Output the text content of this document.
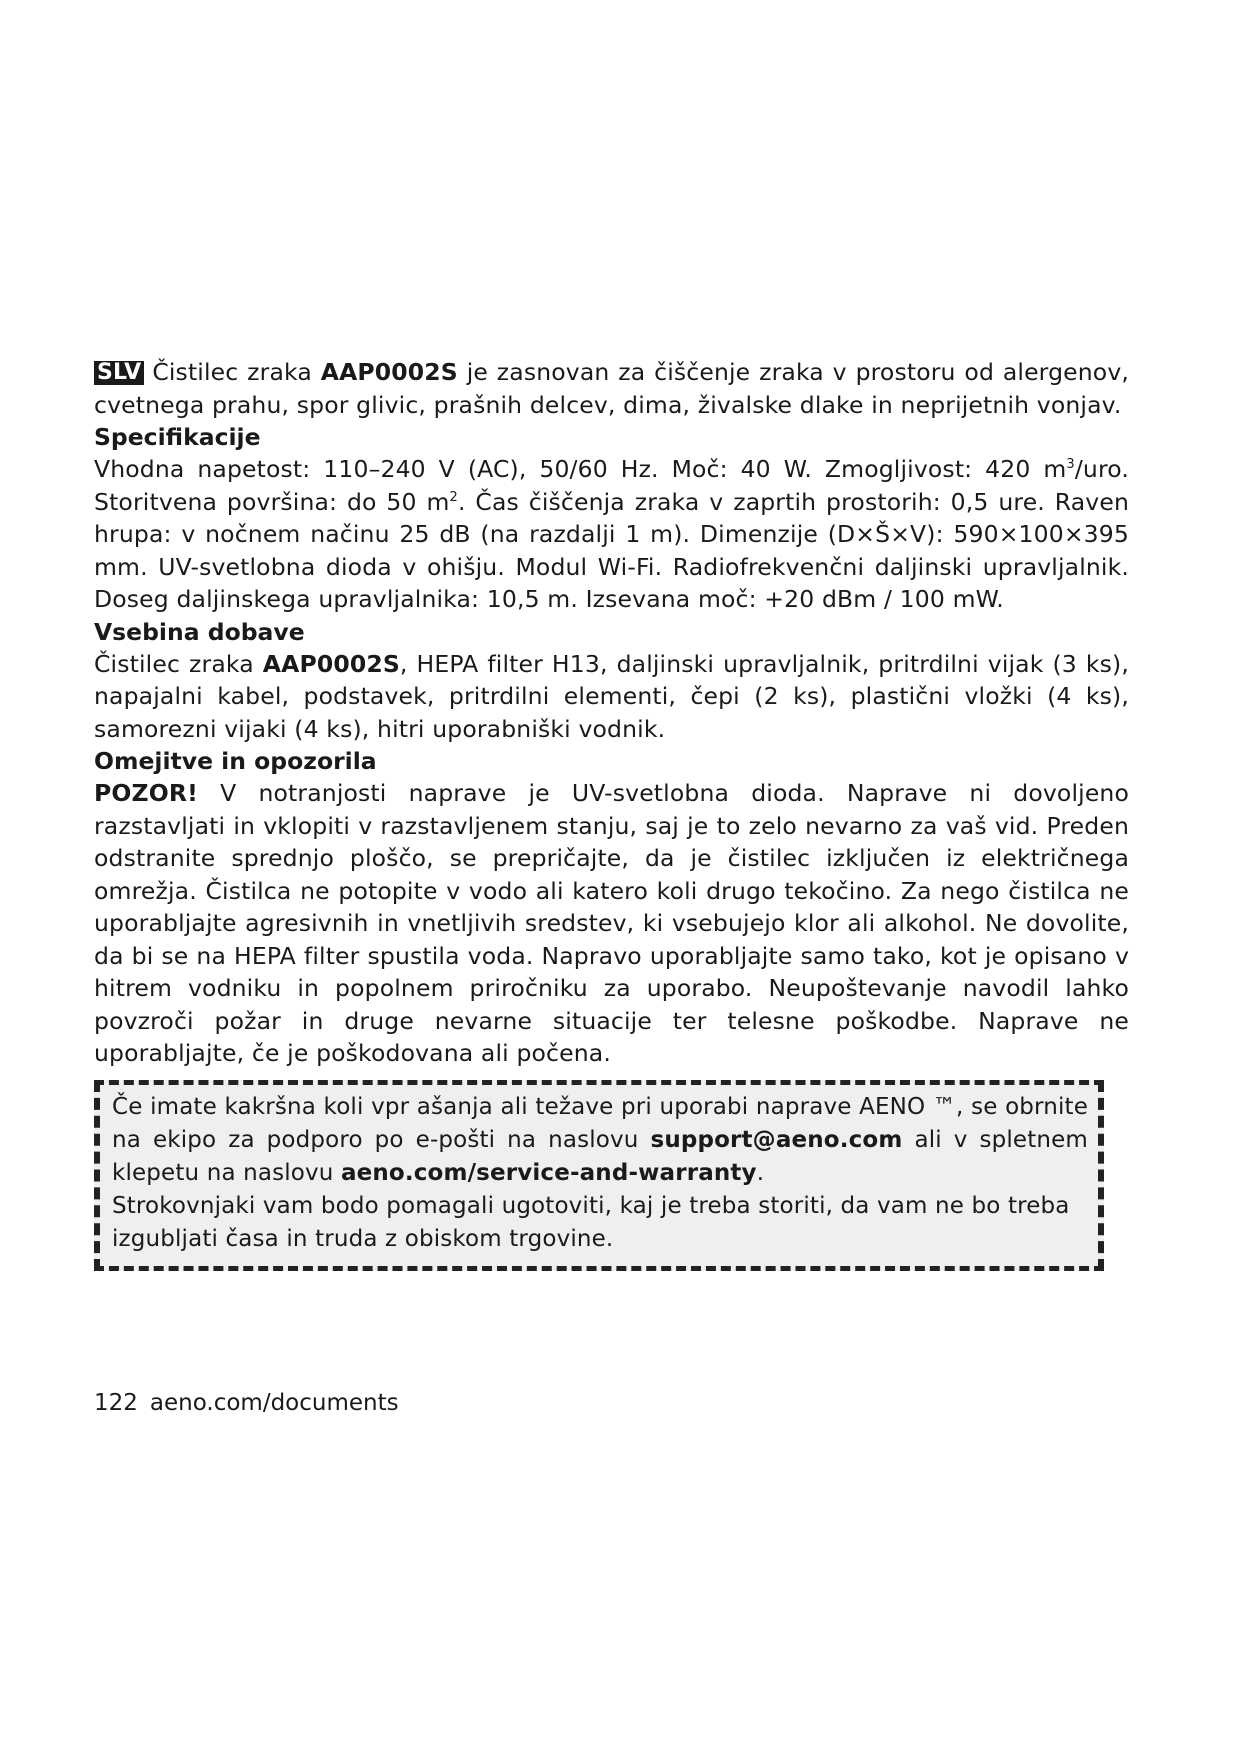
SLV Čistilec zraka AAP0002S je zasnovan za čiščenje zraka v prostoru od alergenov, cvetnega prahu, spor glivic, prašnih delcev, dima, živalske dlake in neprijetnih vonjav.

Specifikacije

Vhodna napetost: 110–240 V (AC), 50/60 Hz. Moč: 40 W. Zmogljivost: 420 $m^3$/uro. Storitvena površina: do 50 $m^2$. Čas čiščenja zraka v zaprtih prostorih: 0,5 ure. Raven hrupa: v nočnem načinu 25 dB (na razdalji 1 m). Dimenzije (D×Š×V): 590×100×395 mm. UV-svetlobna dioda v ohišju. Modul Wi-Fi. Radiofrekvenčni daljinski upravljalnik. Doseg daljinskega upravljalnika: 10,5 m. Izsevana moč: +20 dBm / 100 mW.

Vsebina dobave

Čistilec zraka AAP0002S, HEPA filter H13, daljinski upravljalnik, pritrdilni vijak (3 ks), napajalni kabel, podstavek, pritrdilni elementi, čepi (2 ks), plastični vložki (4 ks), samorezni vijaki (4 ks), hitri uporabniški vodnik.

Omejitve in opozorila

POZOR! V notranjosti naprave je UV-svetlobna dioda. Naprave ni dovoljeno razstavljati in vklopiti v razstavljenem stanju, saj je to zelo nevarno za vaš vid. Preden odstranite sprednjo ploščo, se prepričajte, da je čistilec izključen iz električnega omrežja. Čistilca ne potopite v vodo ali katero koli drugo tekočino. Za nego čistilca ne uporabljajte agresivnih in vnetljivih sredstev, ki vsebujejo klor ali alkohol. Ne dovolite, da bi se na HEPA filter spustila voda. Napravo uporabljajte samo tako, kot je opisano v hitrem vodniku in popolnem priročniku za uporabo. Neupoštevanje navodil lahko povzroči požar in druge nevarne situacije ter telesne poškodbe. Naprave ne uporabljajte, če je poškodovana ali počena.

Če imate kakršna koli vpr ašanja ali težave pri uporabi naprave AENO ™, se obrnite na ekipo za podporo po e-pošti na naslovu support@aeno.com ali v spletnem klepetu na naslovu aeno.com/service-and-warranty.

Strokovnjaki vam bodo pomagali ugotoviti, kaj je treba storiti, da vam ne bo treba izgubljati časa in truda z obiskom trgovine.

122 aeno.com/documents
